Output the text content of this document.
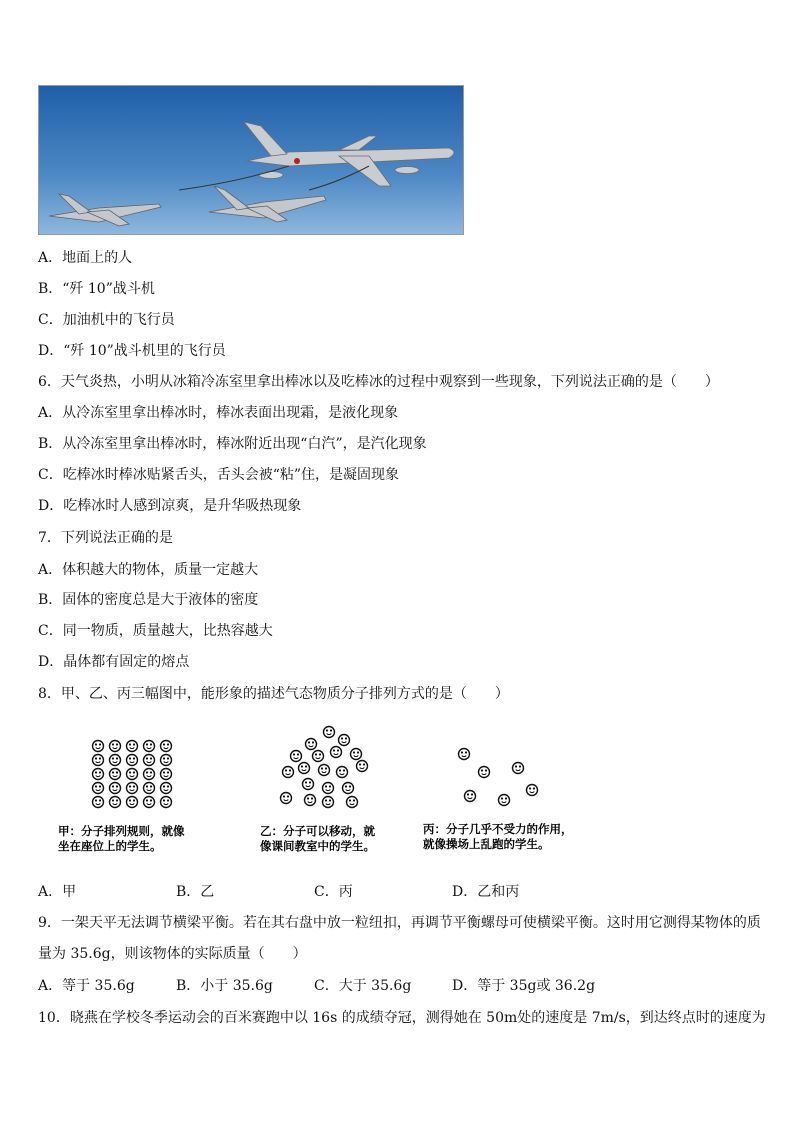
A．地面上的人
B．“歼 10”战斗机
C．加油机中的飞行员
D．“歼 10”战斗机里的飞行员
6．天气炎热，小明从冰箱冷冻室里拿出棒冰以及吃棒冰的过程中观察到一些现象，下列说法正确的是（　　）
A．从冷冻室里拿出棒冰时，棒冰表面出现霜，是液化现象
B．从冷冻室里拿出棒冰时，棒冰附近出现“白汽”，是汽化现象
C．吃棒冰时棒冰贴紧舌头，舌头会被“粘”住，是凝固现象
D．吃棒冰时人感到凉爽，是升华吸热现象
7．下列说法正确的是
A．体积越大的物体，质量一定越大
B．固体的密度总是大于液体的密度
C．同一物质，质量越大，比热容越大
D．晶体都有固定的熔点
8．甲、乙、丙三幅图中，能形象的描述气态物质分子排列方式的是（　　）
甲：分子排列规则，就像
坐在座位上的学生。
乙：分子可以移动，就
像课间教室中的学生。
丙：分子几乎不受力的作用，
就像操场上乱跑的学生。
A．甲	B．乙	C．丙	D．乙和丙
9．一架天平无法调节横梁平衡。若在其右盘中放一粒纽扣，再调节平衡螺母可使横梁平衡。这时用它测得某物体的质
量为 35.6g，则该物体的实际质量（　　）
A．等于 35.6g	B．小于 35.6g	C．大于 35.6g	D．等于 35g或 36.2g
10．晓燕在学校冬季运动会的百米赛跑中以 16s 的成绩夺冠，测得她在 50m处的速度是 7m/s，到达终点时的速度为
